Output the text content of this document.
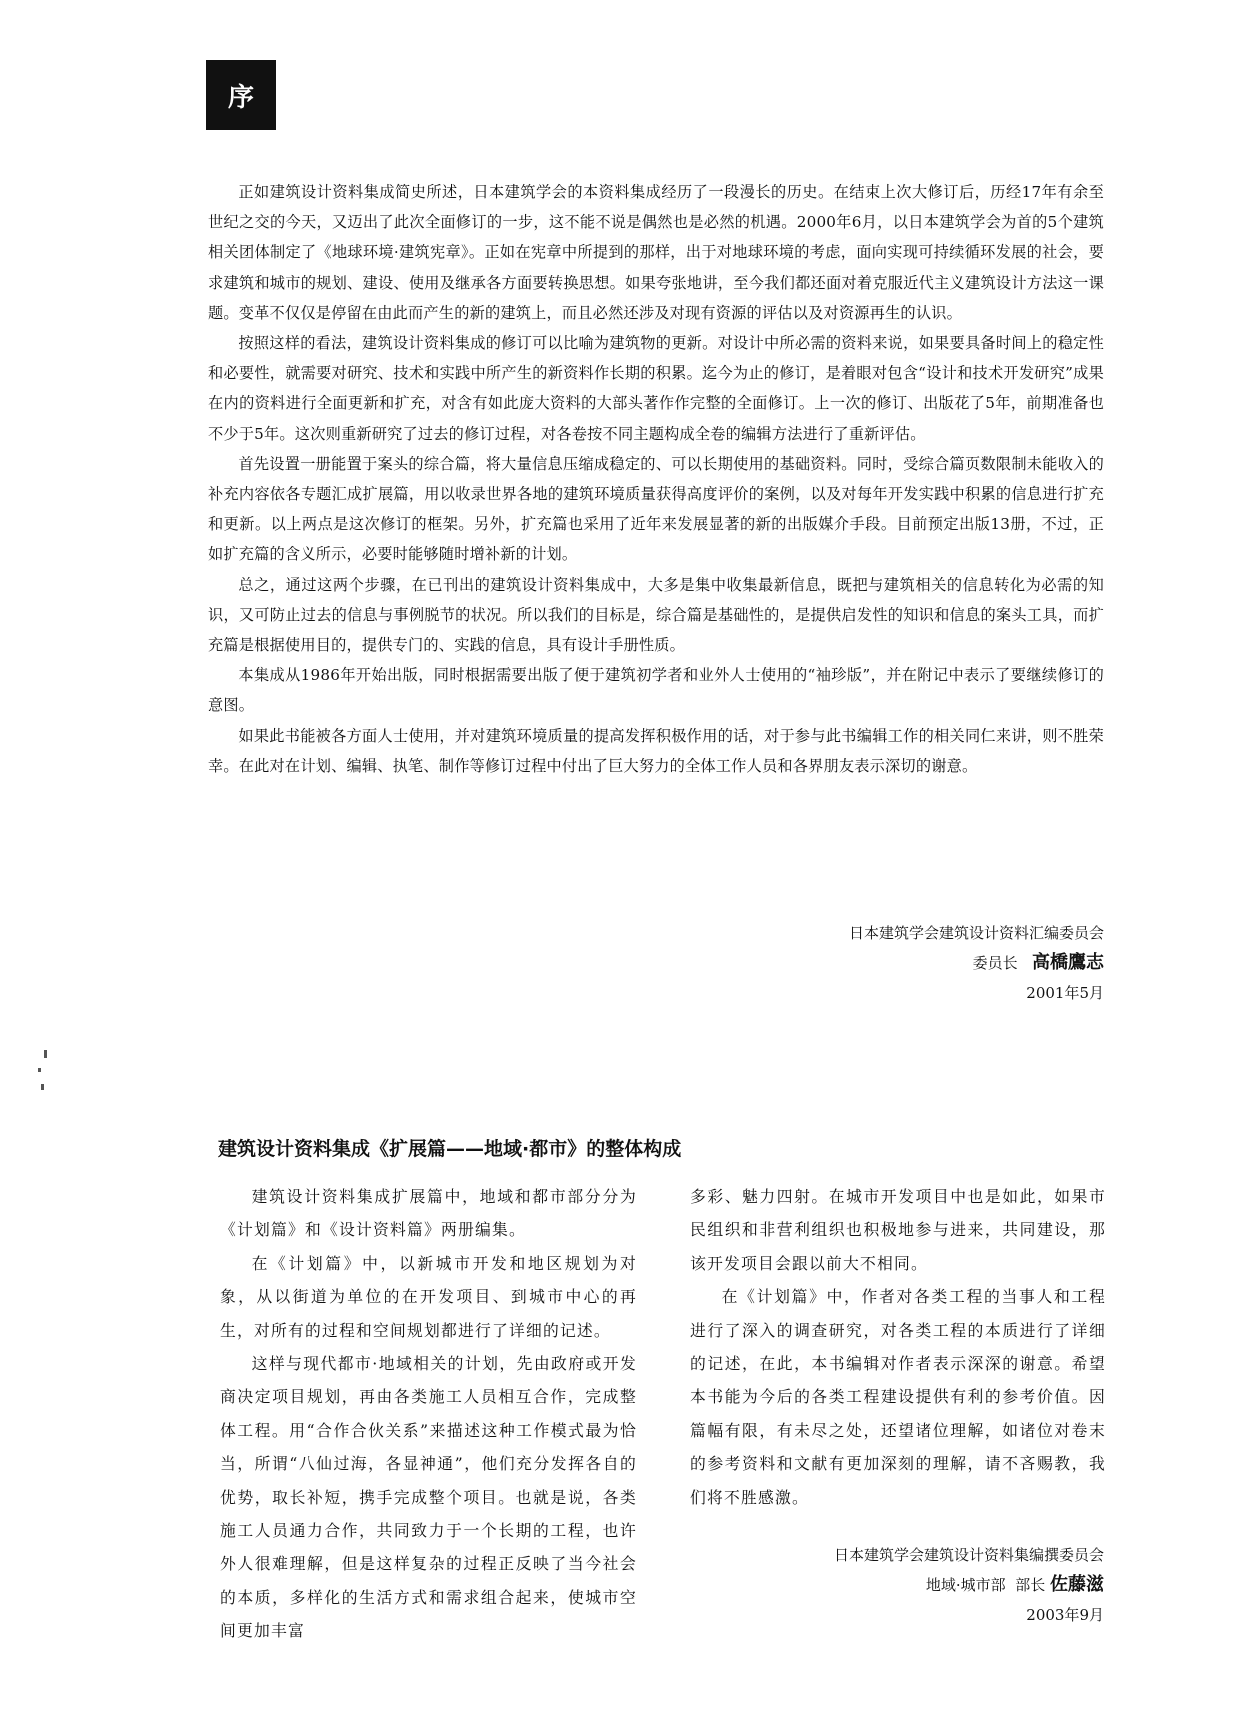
序

正如建筑设计资料集成简史所述，日本建筑学会的本资料集成经历了一段漫长的历史。在结束上次大修订后，历经17年有余至世纪之交的今天，又迈出了此次全面修订的一步，这不能不说是偶然也是必然的机遇。2000年6月，以日本建筑学会为首的5个建筑相关团体制定了《地球环境·建筑宪章》。正如在宪章中所提到的那样，出于对地球环境的考虑，面向实现可持续循环发展的社会，要求建筑和城市的规划、建设、使用及继承各方面要转换思想。如果夸张地讲，至今我们都还面对着克服近代主义建筑设计方法这一课题。变革不仅仅是停留在由此而产生的新的建筑上，而且必然还涉及对现有资源的评估以及对资源再生的认识。

按照这样的看法，建筑设计资料集成的修订可以比喻为建筑物的更新。对设计中所必需的资料来说，如果要具备时间上的稳定性和必要性，就需要对研究、技术和实践中所产生的新资料作长期的积累。迄今为止的修订，是着眼对包含“设计和技术开发研究”成果在内的资料进行全面更新和扩充，对含有如此庞大资料的大部头著作作完整的全面修订。上一次的修订、出版花了5年，前期准备也不少于5年。这次则重新研究了过去的修订过程，对各卷按不同主题构成全卷的编辑方法进行了重新评估。

首先设置一册能置于案头的综合篇，将大量信息压缩成稳定的、可以长期使用的基础资料。同时，受综合篇页数限制未能收入的补充内容依各专题汇成扩展篇，用以收录世界各地的建筑环境质量获得高度评价的案例，以及对每年开发实践中积累的信息进行扩充和更新。以上两点是这次修订的框架。另外，扩充篇也采用了近年来发展显著的新的出版媒介手段。目前预定出版13册，不过，正如扩充篇的含义所示，必要时能够随时增补新的计划。

总之，通过这两个步骤，在已刊出的建筑设计资料集成中，大多是集中收集最新信息，既把与建筑相关的信息转化为必需的知识，又可防止过去的信息与事例脱节的状况。所以我们的目标是，综合篇是基础性的，是提供启发性的知识和信息的案头工具，而扩充篇是根据使用目的，提供专门的、实践的信息，具有设计手册性质。

本集成从1986年开始出版，同时根据需要出版了便于建筑初学者和业外人士使用的“袖珍版”，并在附记中表示了要继续修订的意图。

如果此书能被各方面人士使用，并对建筑环境质量的提高发挥积极作用的话，对于参与此书编辑工作的相关同仁来讲，则不胜荣幸。在此对在计划、编辑、执笔、制作等修订过程中付出了巨大努力的全体工作人员和各界朋友表示深切的谢意。

日本建筑学会建筑设计资料汇编委员会
委员长 高橋鷹志
2001年5月
建筑设计资料集成《扩展篇——地域·都市》的整体构成

建筑设计资料集成扩展篇中，地域和都市部分分为《计划篇》和《设计资料篇》两册编集。

在《计划篇》中，以新城市开发和地区规划为对象，从以街道为单位的在开发项目、到城市中心的再生，对所有的过程和空间规划都进行了详细的记述。

这样与现代都市·地域相关的计划，先由政府或开发商决定项目规划，再由各类施工人员相互合作，完成整体工程。用“合作合伙关系”来描述这种工作模式最为恰当，所谓“八仙过海，各显神通”，他们充分发挥各自的优势，取长补短，携手完成整个项目。也就是说，各类施工人员通力合作，共同致力于一个长期的工程，也许外人很难理解，但是这样复杂的过程正反映了当今社会的本质，多样化的生活方式和需求组合起来，使城市空间更加丰富

多彩、魅力四射。在城市开发项目中也是如此，如果市民组织和非营利组织也积极地参与进来，共同建设，那该开发项目会跟以前大不相同。

在《计划篇》中，作者对各类工程的当事人和工程进行了深入的调查研究，对各类工程的本质进行了详细的记述，在此，本书编辑对作者表示深深的谢意。希望本书能为今后的各类工程建设提供有利的参考价值。因篇幅有限，有未尽之处，还望诸位理解，如诸位对卷末的参考资料和文献有更加深刻的理解，请不吝赐教，我们将不胜感激。

日本建筑学会建筑设计资料集编撰委员会
地域·城市部 部长 佐藤滋
2003年9月
